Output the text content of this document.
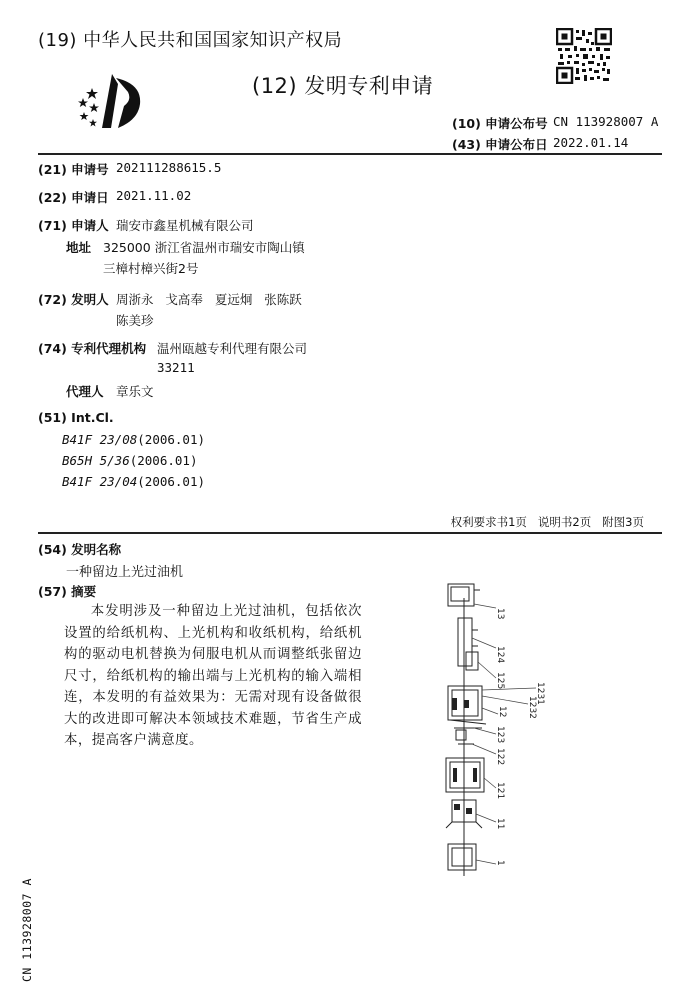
(19) 中华人民共和国国家知识产权局
(12) 发明专利申请
(10) 申请公布号 CN 113928007 A
(43) 申请公布日 2022.01.14
(21) 申请号 202111288615.5
(22) 申请日 2021.11.02
(71) 申请人 瑞安市鑫星机械有限公司
地址 325000 浙江省温州市瑞安市陶山镇
三樟村樟兴街2号
(72) 发明人 周浙永   戈高奉   夏远炯   张陈跃
陈美珍
(74) 专利代理机构 温州瓯越专利代理有限公司
33211
代理人 章乐文
(51) Int.Cl.
B41F 23/08(2006.01)
B65H 5/36(2006.01)
B41F 23/04(2006.01)
权利要求书1页   说明书2页   附图3页
(54) 发明名称
一种留边上光过油机
(57) 摘要
本发明涉及一种留边上光过油机，包括依次设置的给纸机构、上光机构和收纸机构，给纸机构的驱动电机替换为伺服电机从而调整纸张留边尺寸，给纸机构的输出端与上光机构的输入端相连，本发明的有益效果为：无需对现有设备做很大的改进即可解决本领域技术难题，节省生产成本，提高客户满意度。
CN 113928007 A
13
124
125
1231
1232
12
123
122
121
11
1
